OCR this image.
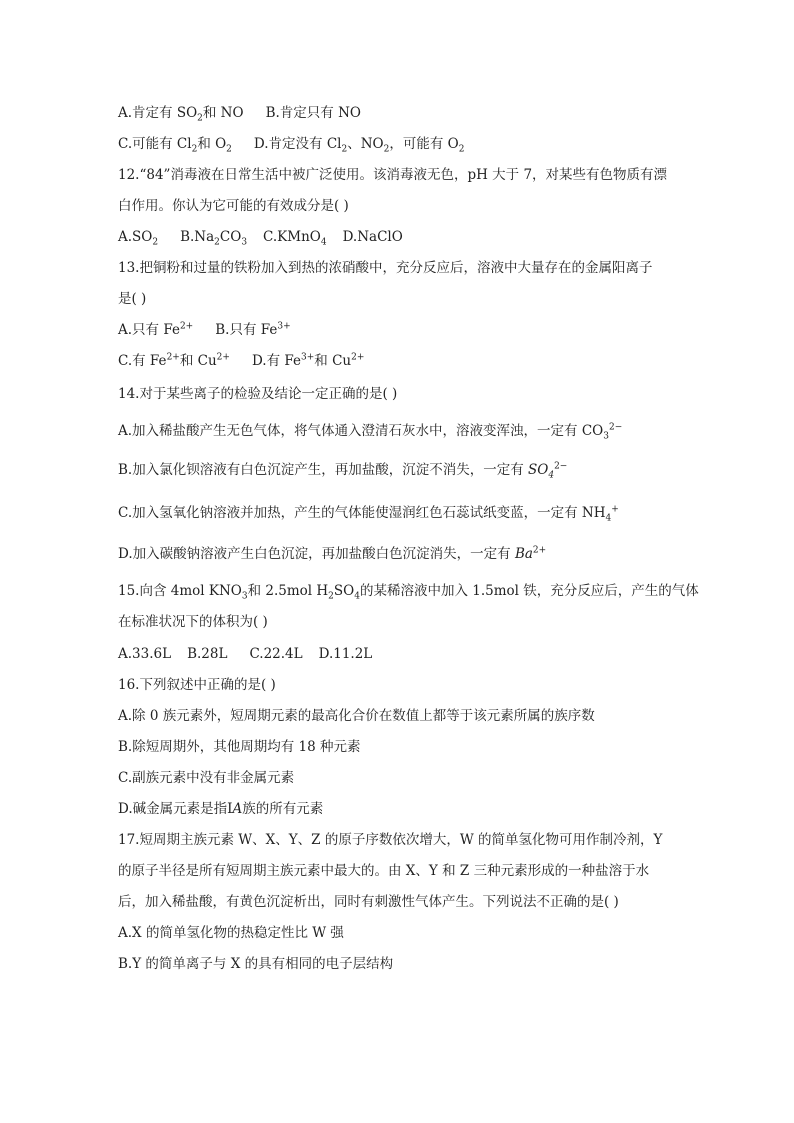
A.肯定有 $SO_2$和 NO B.肯定只有 NO
C.可能有 $Cl_2$和 $O_2$ D.肯定没有 $Cl_2$、$NO_2$，可能有 $O_2$
12.“84”消毒液在日常生活中被广泛使用。该消毒液无色，pH 大于 7，对某些有色物质有漂
白作用。你认为它可能的有效成分是( )
$A.SO_2$ $B.Na_2CO_3$ C.KMnO$_4$ D.NaClO
13.把铜粉和过量的铁粉加入到热的浓硝酸中，充分反应后，溶液中大量存在的金属阳离子
是( )
A.只有 $Fe^{2+}$ B.只有 $Fe^{3+}$
C.有 $Fe^{2+}$和 $Cu^{2+}$ D.有 $Fe^{3+}$和 $Cu^{2+}$
14.对于某些离子的检验及结论一定正确的是( )
A.加入稀盐酸产生无色气体，将气体通入澄清石灰水中，溶液变浑浊，一定有 $CO_3^{2-}$
B.加入氯化钡溶液有白色沉淀产生，再加盐酸，沉淀不消失，一定有 $SO_4^{2-}$
C.加入氢氧化钠溶液并加热，产生的气体能使湿润红色石蕊试纸变蓝，一定有 $NH_4^+$
D.加入碳酸钠溶液产生白色沉淀，再加盐酸白色沉淀消失，一定有 $Ba^{2+}$
15.向含 4mol $KNO_3$和 2.5mol $H_2SO_4$的某稀溶液中加入 1.5mol 铁，充分反应后，产生的气体
在标准状况下的体积为( )
A.33.6L B.28L C.22.4L D.11.2L
16.下列叙述中正确的是( )
A.除 0 族元素外，短周期元素的最高化合价在数值上都等于该元素所属的族序数
B.除短周期外，其他周期均有 18 种元素
C.副族元素中没有非金属元素
D.碱金属元素是指ⅠA族的所有元素
17.短周期主族元素 W、X、Y、Z 的原子序数依次增大，W 的简单氢化物可用作制冷剂，Y
的原子半径是所有短周期主族元素中最大的。由 X、Y 和 Z 三种元素形成的一种盐溶于水
后，加入稀盐酸，有黄色沉淀析出，同时有刺激性气体产生。下列说法不正确的是( )
A.X 的简单氢化物的热稳定性比 W 强
B.Y 的简单离子与 X 的具有相同的电子层结构
